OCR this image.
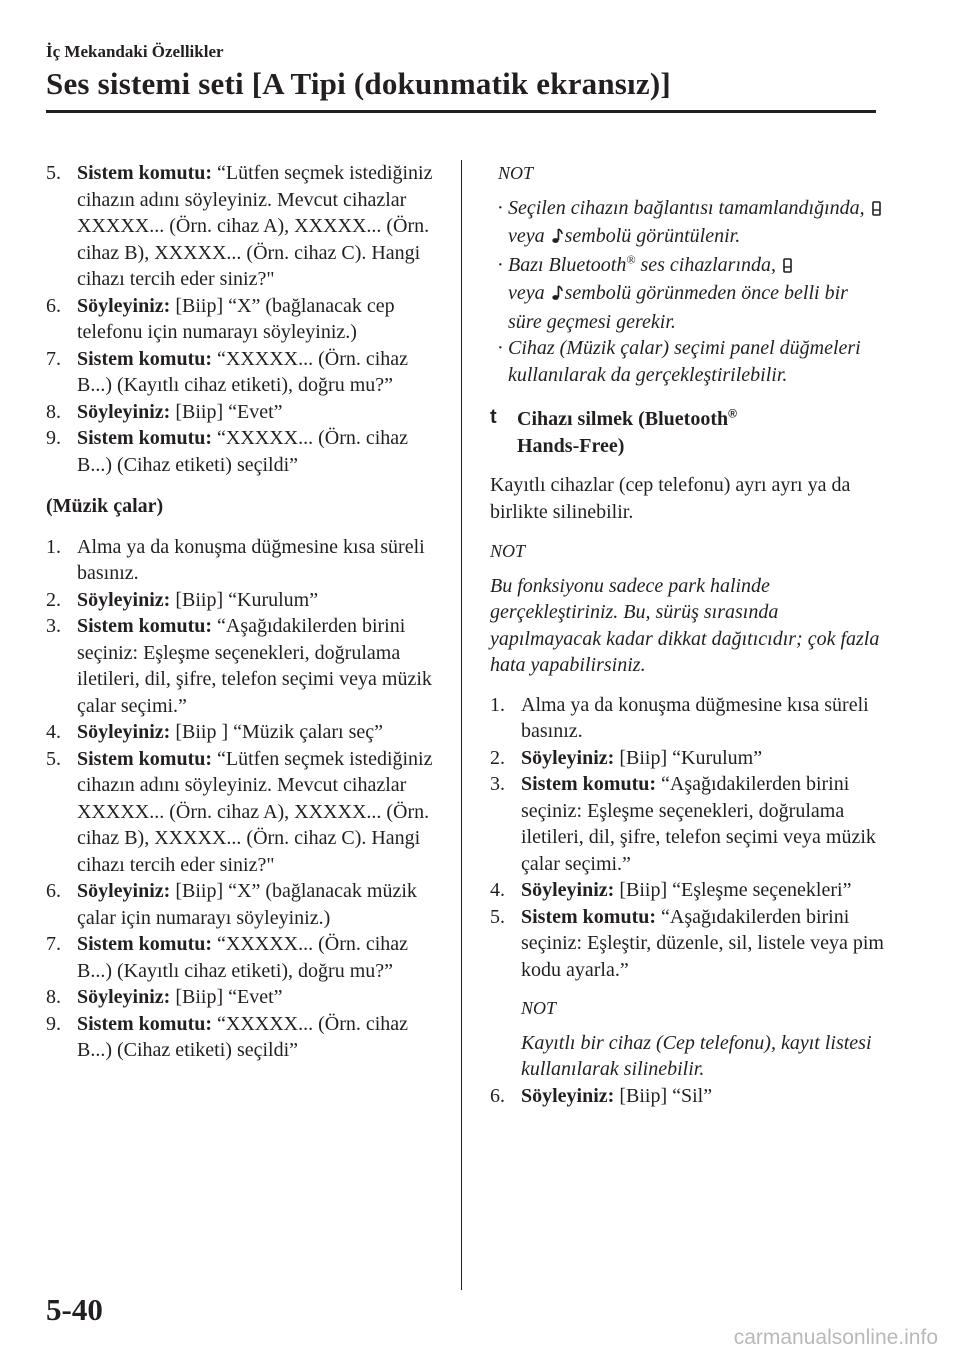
İç Mekandaki Özellikler
Ses sistemi seti [A Tipi (dokunmatik ekransız)]
5. Sistem komutu: “Lütfen seçmek istediğiniz cihazın adını söyleyiniz. Mevcut cihazlar XXXXX... (Örn. cihaz A), XXXXX... (Örn. cihaz B), XXXXX... (Örn. cihaz C). Hangi cihazı tercih eder siniz?"
6. Söyleyiniz: [Biip] “X” (bağlanacak cep telefonu için numarayı söyleyiniz.)
7. Sistem komutu: “XXXXX... (Örn. cihaz B...) (Kayıtlı cihaz etiketi), doğru mu?”
8. Söyleyiniz: [Biip] “Evet”
9. Sistem komutu: “XXXXX... (Örn. cihaz B...) (Cihaz etiketi) seçildi”
(Müzik çalar)
1. Alma ya da konuşma düğmesine kısa süreli basınız.
2. Söyleyiniz: [Biip] “Kurulum”
3. Sistem komutu: “Aşağıdakilerden birini seçiniz: Eşleşme seçenekleri, doğrulama iletileri, dil, şifre, telefon seçimi veya müzik çalar seçimi.”
4. Söyleyiniz: [Biip ] “Müzik çaları seç”
5. Sistem komutu: “Lütfen seçmek istediğiniz cihazın adını söyleyiniz. Mevcut cihazlar XXXXX... (Örn. cihaz A), XXXXX... (Örn. cihaz B), XXXXX... (Örn. cihaz C). Hangi cihazı tercih eder siniz?"
6. Söyleyiniz: [Biip] “X” (bağlanacak müzik çalar için numarayı söyleyiniz.)
7. Sistem komutu: “XXXXX... (Örn. cihaz B...) (Kayıtlı cihaz etiketi), doğru mu?”
8. Söyleyiniz: [Biip] “Evet”
9. Sistem komutu: “XXXXX... (Örn. cihaz B...) (Cihaz etiketi) seçildi”
NOT
· Seçilen cihazın bağlantısı tamamlandığında, veya sembolü görüntülenir.
· Bazı Bluetooth® ses cihazlarında,
veya sembolü görünmeden önce belli bir süre geçmesi gerekir.
· Cihaz (Müzik çalar) seçimi panel düğmeleri kullanılarak da gerçekleştirilebilir.
t Cihazı silmek (Bluetooth®
Hands-Free)
Kayıtlı cihazlar (cep telefonu) ayrı ayrı ya da birlikte silinebilir.
NOT
Bu fonksiyonu sadece park halinde gerçekleştiriniz. Bu, sürüş sırasında yapılmayacak kadar dikkat dağıtıcıdır; çok fazla hata yapabilirsiniz.
1. Alma ya da konuşma düğmesine kısa süreli basınız.
2. Söyleyiniz: [Biip] “Kurulum”
3. Sistem komutu: “Aşağıdakilerden birini seçiniz: Eşleşme seçenekleri, doğrulama iletileri, dil, şifre, telefon seçimi veya müzik çalar seçimi.”
4. Söyleyiniz: [Biip] “Eşleşme seçenekleri”
5. Sistem komutu: “Aşağıdakilerden birini seçiniz: Eşleştir, düzenle, sil, listele veya pim kodu ayarla.”
NOT
Kayıtlı bir cihaz (Cep telefonu), kayıt listesi kullanılarak silinebilir.
6. Söyleyiniz: [Biip] “Sil”
5-40
carmanualsonline.info
